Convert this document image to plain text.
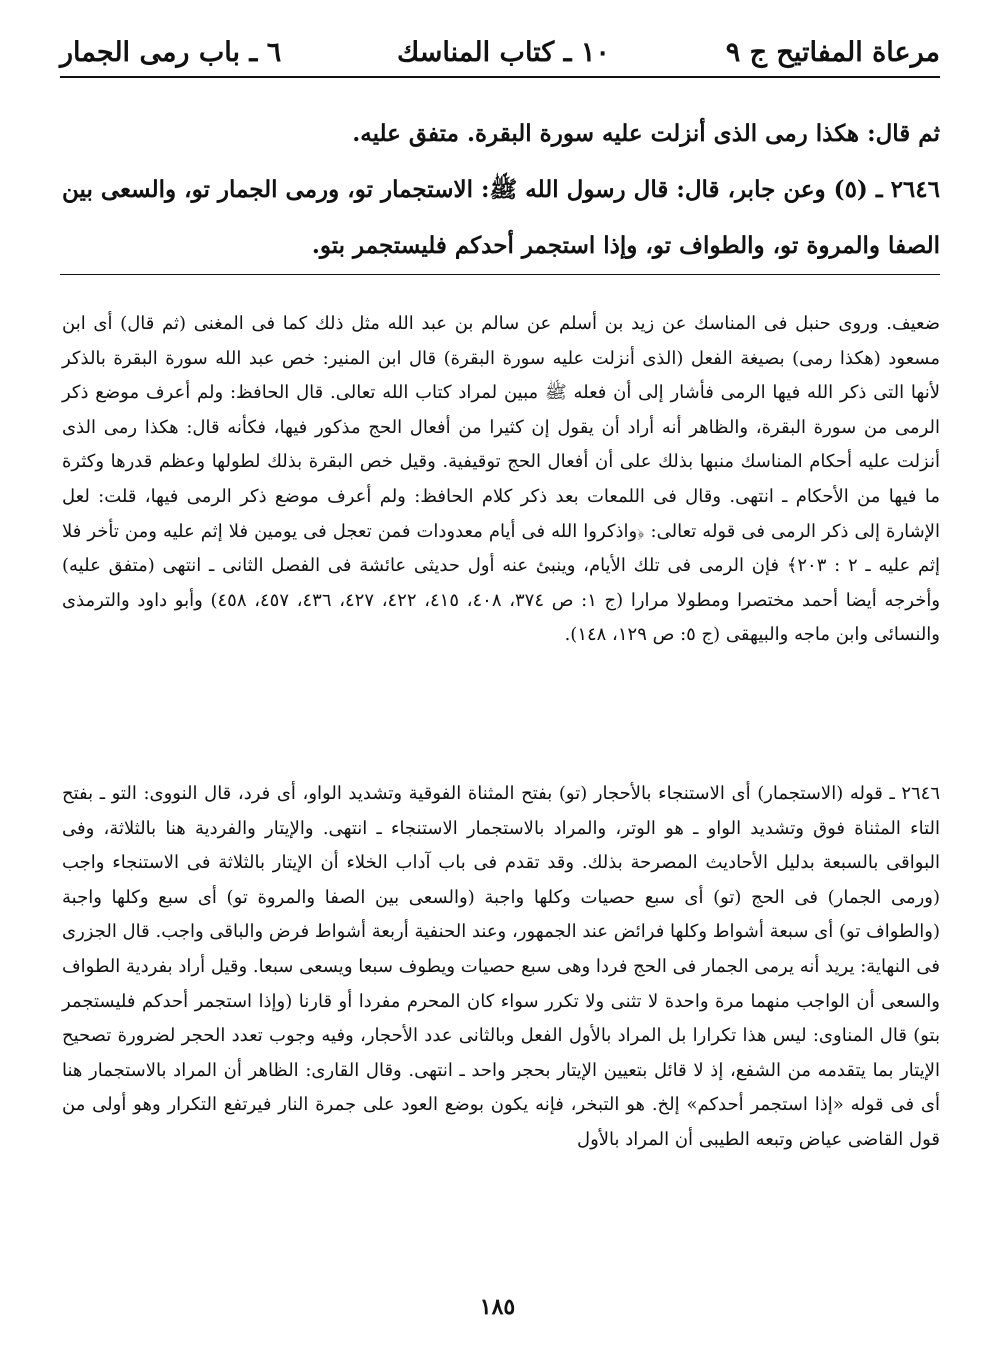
مرعاة المفاتيح ج ٩
١٠ ـ كتاب المناسك
٦ ـ باب رمى الجمار

ثم قال: هكذا رمى الذى أنزلت عليه سورة البقرة. متفق عليه.

٢٦٤٦ ـ (٥) وعن جابر، قال: قال رسول الله ﷺ: الاستجمار تو، ورمى الجمار تو، والسعى بين الصفا والمروة تو، والطواف تو، وإذا استجمر أحدكم فليستجمر بتو.

ضعيف. وروى حنبل فى المناسك عن زيد بن أسلم عن سالم بن عبد الله مثل ذلك كما فى المغنى (ثم قال) أى ابن مسعود (هكذا رمى) بصيغة الفعل (الذى أنزلت عليه سورة البقرة) قال ابن المنير: خص عبد الله سورة البقرة بالذكر لأنها التى ذكر الله فيها الرمى فأشار إلى أن فعله ﷺ مبين لمراد كتاب الله تعالى. قال الحافظ: ولم أعرف موضع ذكر الرمى من سورة البقرة، والظاهر أنه أراد أن يقول إن كثيرا من أفعال الحج مذكور فيها، فكأنه قال: هكذا رمى الذى أنزلت عليه أحكام المناسك منبها بذلك على أن أفعال الحج توقيفية. وقيل خص البقرة بذلك لطولها وعظم قدرها وكثرة ما فيها من الأحكام ـ انتهى. وقال فى اللمعات بعد ذكر كلام الحافظ: ولم أعرف موضع ذكر الرمى فيها، قلت: لعل الإشارة إلى ذكر الرمى فى قوله تعالى: ﴿واذكروا الله فى أيام معدودات فمن تعجل فى يومين فلا إثم عليه ومن تأخر فلا إثم عليه ـ ٢ : ٢٠٣﴾ فإن الرمى فى تلك الأيام، وينبئ عنه أول حديثى عائشة فى الفصل الثانى ـ انتهى (متفق عليه) وأخرجه أيضا أحمد مختصرا ومطولا مرارا (ج ١: ص ٣٧٤، ٤٠٨، ٤١٥، ٤٢٢، ٤٢٧، ٤٣٦، ٤٥٧، ٤٥٨) وأبو داود والترمذى والنسائى وابن ماجه والبيهقى (ج ٥: ص ١٢٩، ١٤٨).

٢٦٤٦ ـ قوله (الاستجمار) أى الاستنجاء بالأحجار (تو) بفتح المثناة الفوقية وتشديد الواو، أى فرد، قال النووى: التو ـ بفتح التاء المثناة فوق وتشديد الواو ـ هو الوتر، والمراد بالاستجمار الاستنجاء ـ انتهى. والإيتار والفردية هنا بالثلاثة، وفى البواقى بالسبعة بدليل الأحاديث المصرحة بذلك. وقد تقدم فى باب آداب الخلاء أن الإيتار بالثلاثة فى الاستنجاء واجب (ورمى الجمار) فى الحج (تو) أى سبع حصيات وكلها واجبة (والسعى بين الصفا والمروة تو) أى سبع وكلها واجبة (والطواف تو) أى سبعة أشواط وكلها فرائض عند الجمهور، وعند الحنفية أربعة أشواط فرض والباقى واجب. قال الجزرى فى النهاية: يريد أنه يرمى الجمار فى الحج فردا وهى سبع حصيات ويطوف سبعا ويسعى سبعا. وقيل أراد بفردية الطواف والسعى أن الواجب منهما مرة واحدة لا تثنى ولا تكرر سواء كان المحرم مفردا أو قارنا (وإذا استجمر أحدكم فليستجمر بتو) قال المناوى: ليس هذا تكرارا بل المراد بالأول الفعل وبالثانى عدد الأحجار، وفيه وجوب تعدد الحجر لضرورة تصحيح الإيتار بما يتقدمه من الشفع، إذ لا قائل بتعيين الإيتار بحجر واحد ـ انتهى. وقال القارى: الظاهر أن المراد بالاستجمار هنا أى فى قوله «إذا استجمر أحدكم» إلخ. هو التبخر، فإنه يكون بوضع العود على جمرة النار فيرتفع التكرار وهو أولى من قول القاضى عياض وتبعه الطيبى أن المراد بالأول

١٨٥
